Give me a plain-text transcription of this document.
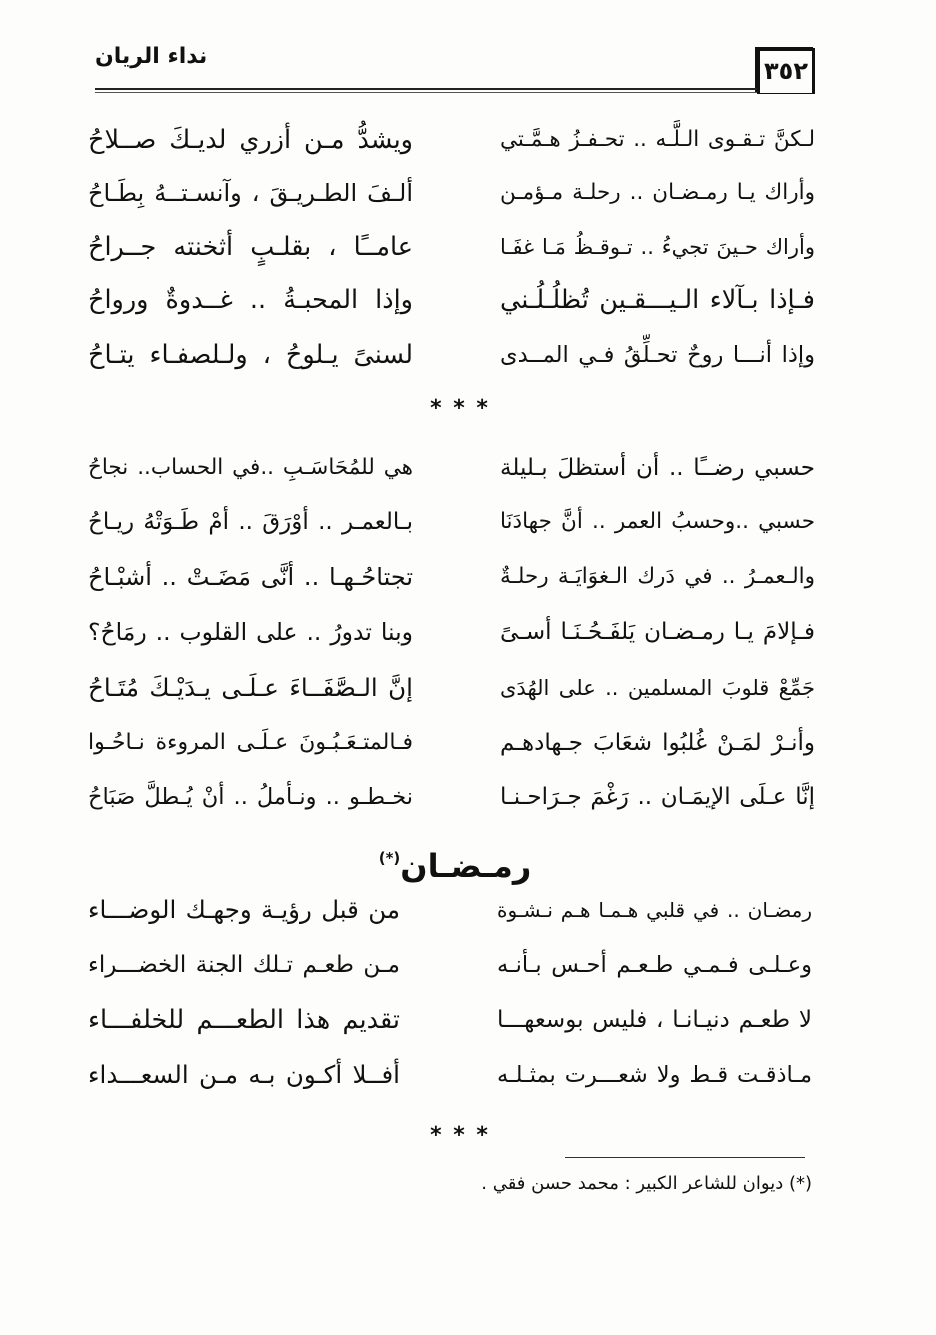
نداء الريان
٣٥٢
لـكنَّ تـقـوى الـلَّـه .. تحـفـزُ هـمَّـتي
ويشدُّ مـن أزري لديـكَ صــلاحُ
وأراك يـا رمـضـان .. رحلـة مـؤمـن
ألـفَ الطـريـقَ ، وآنسـتــهُ بِطَـاحُ
وأراك حـينَ تجيءُ .. تـوقـظُ مَـا غفَـا
عامــًا ، بقلـبٍ أثخنته جــراحُ
فـإذا بـآلاء الـيـــقـين تُظلُـلُـني
وإذا المحبـةُ .. غــدوةٌ ورواحُ
وإذا أنـــا روحٌ تحـلِّقُ فـي المــدى
لسنىً يـلوحُ ، ولـلصفـاء يتـاحُ
* * *
حسبي رضــًا .. أن أستظلَ بـليلة
هي للمُحَاسَـبِ ..في الحساب.. نجاحُ
حسبي ..وحسبُ العمر .. أنَّ جهادَنَا
بـالعمـر .. أوْرَقَ .. أمْ طَـوَتْهُ ريـاحُ
والـعمـرُ .. في دَرك الـغوَايَـة رحلـةٌ
تجتاحُـهـا .. أنَّى مَضَـتْ .. أشبْـاحُ
فـإلامَ يـا رمـضـان يَلفَـحُـنَـا أسـىً
وبنا تدورُ .. على القلوب .. رمَاحُ؟
جَمِّعْ قلوبَ المسلمين .. على الهُدَى
إنَّ الـصَّفَــاءَ عـلَـى يـدَيْـكَ مُتَـاحُ
وأنـرْ لمَـنْ غُلبُوا شعَابَ جـهادهـم
فـالمتـعَـبُـونَ عـلَـى المروءة نـاحُـوا
إنَّا عـلَى الإيمَـان .. رَغْمَ جـرَاحـنـا
نخـطـو .. ونـأملُ .. أنْ يُـطلَّ صَبَاحُ
رمـضـان(*)
رمضـان .. في قلبي هـمـا هـم نـشـوة
من قبل رؤيـة وجهـك الوضـــاء
وعـلـى فـمـي طـعـم أحـس بـأنـه
مـن طعـم تـلك الجنة الخضـــراء
لا طعـم دنيـانـا ، فليس بوسعهـــا
تقديم هذا الطعـــم للخلفـــاء
مـاذقـت قـط ولا شعـــرت بمثـلـه
أفــلا أكـون بـه مـن السعـــداء
* * *
(*) ديوان للشاعر الكبير : محمد حسن فقي .
